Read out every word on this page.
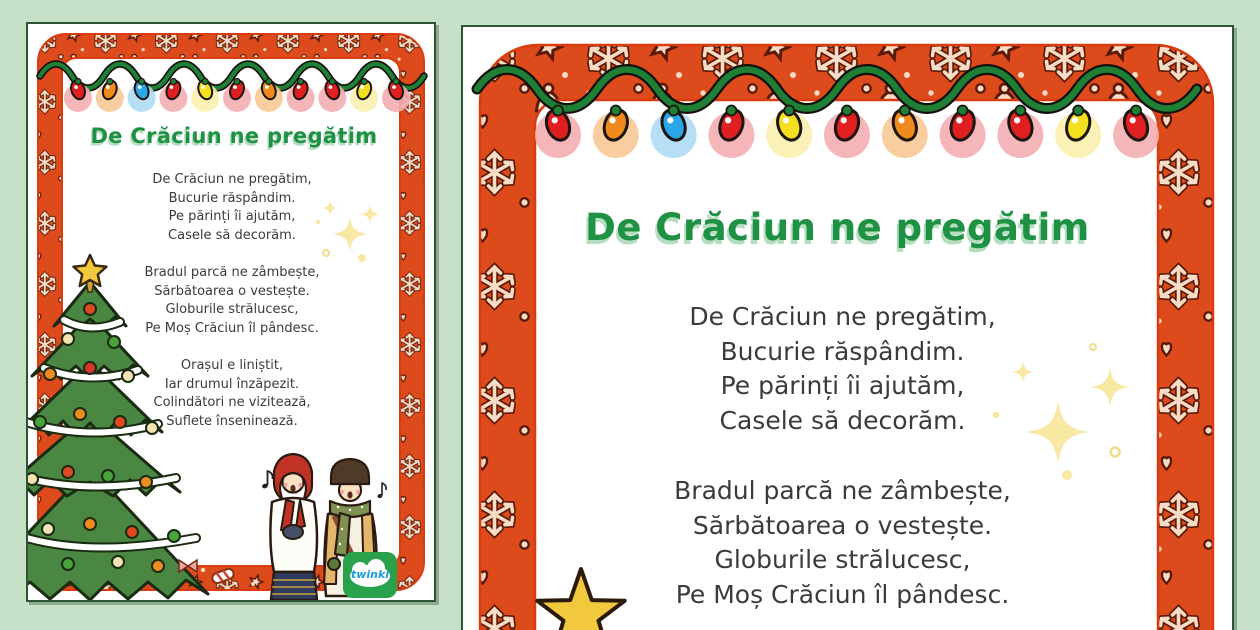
De Crăciun ne pregătim
De Crăciun ne pregătim,
Bucurie răspândim.
Pe părinți îi ajutăm,
Casele să decorăm.
Bradul parcă ne zâmbește,
Sărbătoarea o vestește.
Globurile strălucesc,
Pe Moș Crăciun îl pândesc.
Orașul e liniștit,
Iar drumul înzăpezit.
Colindători ne vizitează,
Suflete înseninează.
twinkl
De Crăciun ne pregătim
De Crăciun ne pregătim,
Bucurie răspândim.
Pe părinți îi ajutăm,
Casele să decorăm.
Bradul parcă ne zâmbește,
Sărbătoarea o vestește.
Globurile strălucesc,
Pe Moș Crăciun îl pândesc.
